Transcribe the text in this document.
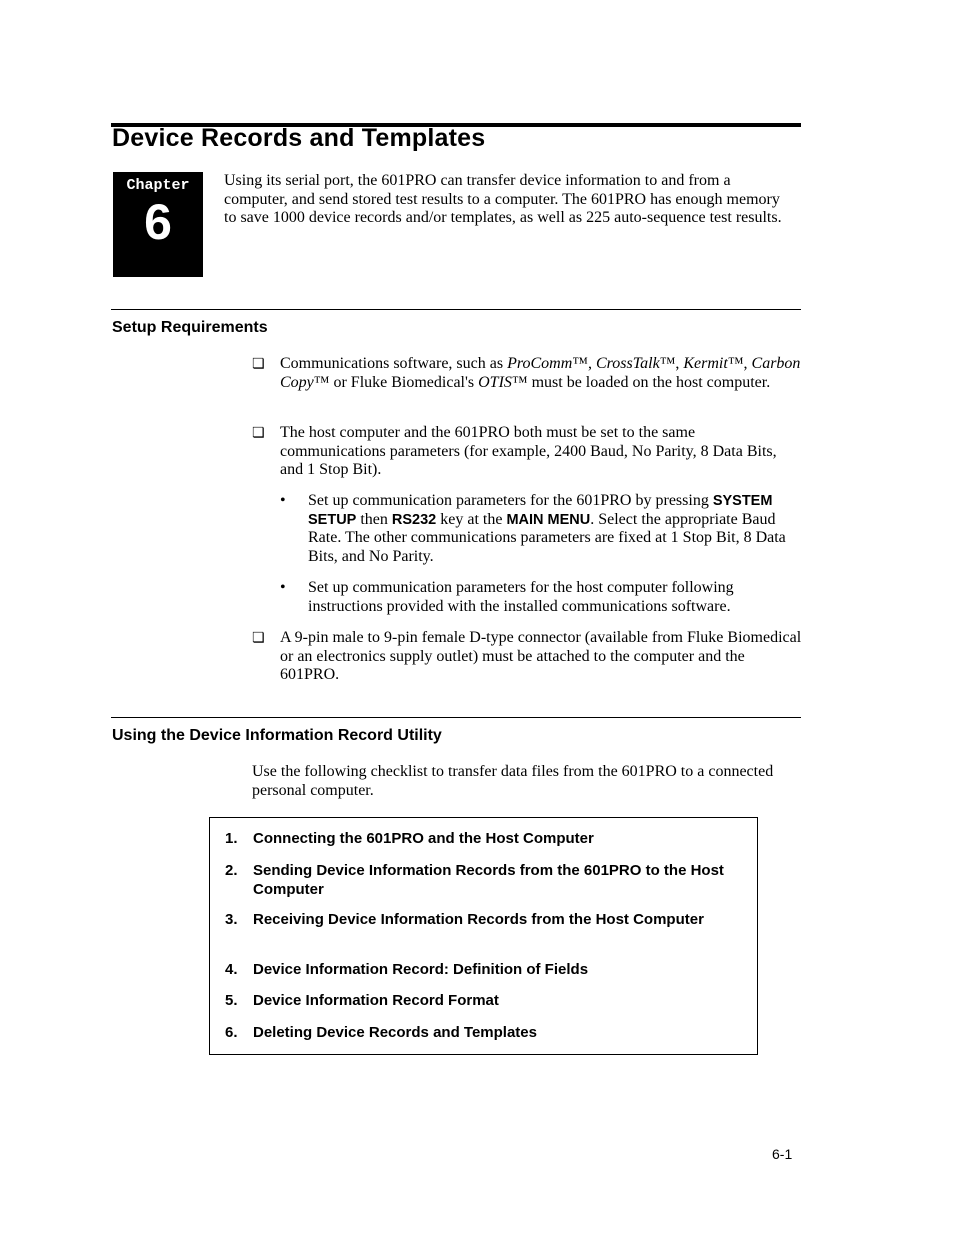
Device Records and Templates
Chapter
6
Using its serial port, the 601PRO can transfer device information to and from a computer, and send stored test results to a computer. The 601PRO has enough memory to save 1000 device records and/or templates, as well as 225 auto-sequence test results.
Setup Requirements
❏ Communications software, such as ProComm™, CrossTalk™, Kermit™, Carbon Copy™ or Fluke Biomedical's OTIS™ must be loaded on the host computer.
❏ The host computer and the 601PRO both must be set to the same communications parameters (for example, 2400 Baud, No Parity, 8 Data Bits, and 1 Stop Bit).
• Set up communication parameters for the 601PRO by pressing SYSTEM SETUP then RS232 key at the MAIN MENU. Select the appropriate Baud Rate. The other communications parameters are fixed at 1 Stop Bit, 8 Data Bits, and No Parity.
• Set up communication parameters for the host computer following instructions provided with the installed communications software.
❏ A 9-pin male to 9-pin female D-type connector (available from Fluke Biomedical or an electronics supply outlet) must be attached to the computer and the 601PRO.
Using the Device Information Record Utility
Use the following checklist to transfer data files from the 601PRO to a connected personal computer.
1. Connecting the 601PRO and the Host Computer
2. Sending Device Information Records from the 601PRO to the Host Computer
3. Receiving Device Information Records from the Host Computer
4. Device Information Record: Definition of Fields
5. Device Information Record Format
6. Deleting Device Records and Templates
6-1
